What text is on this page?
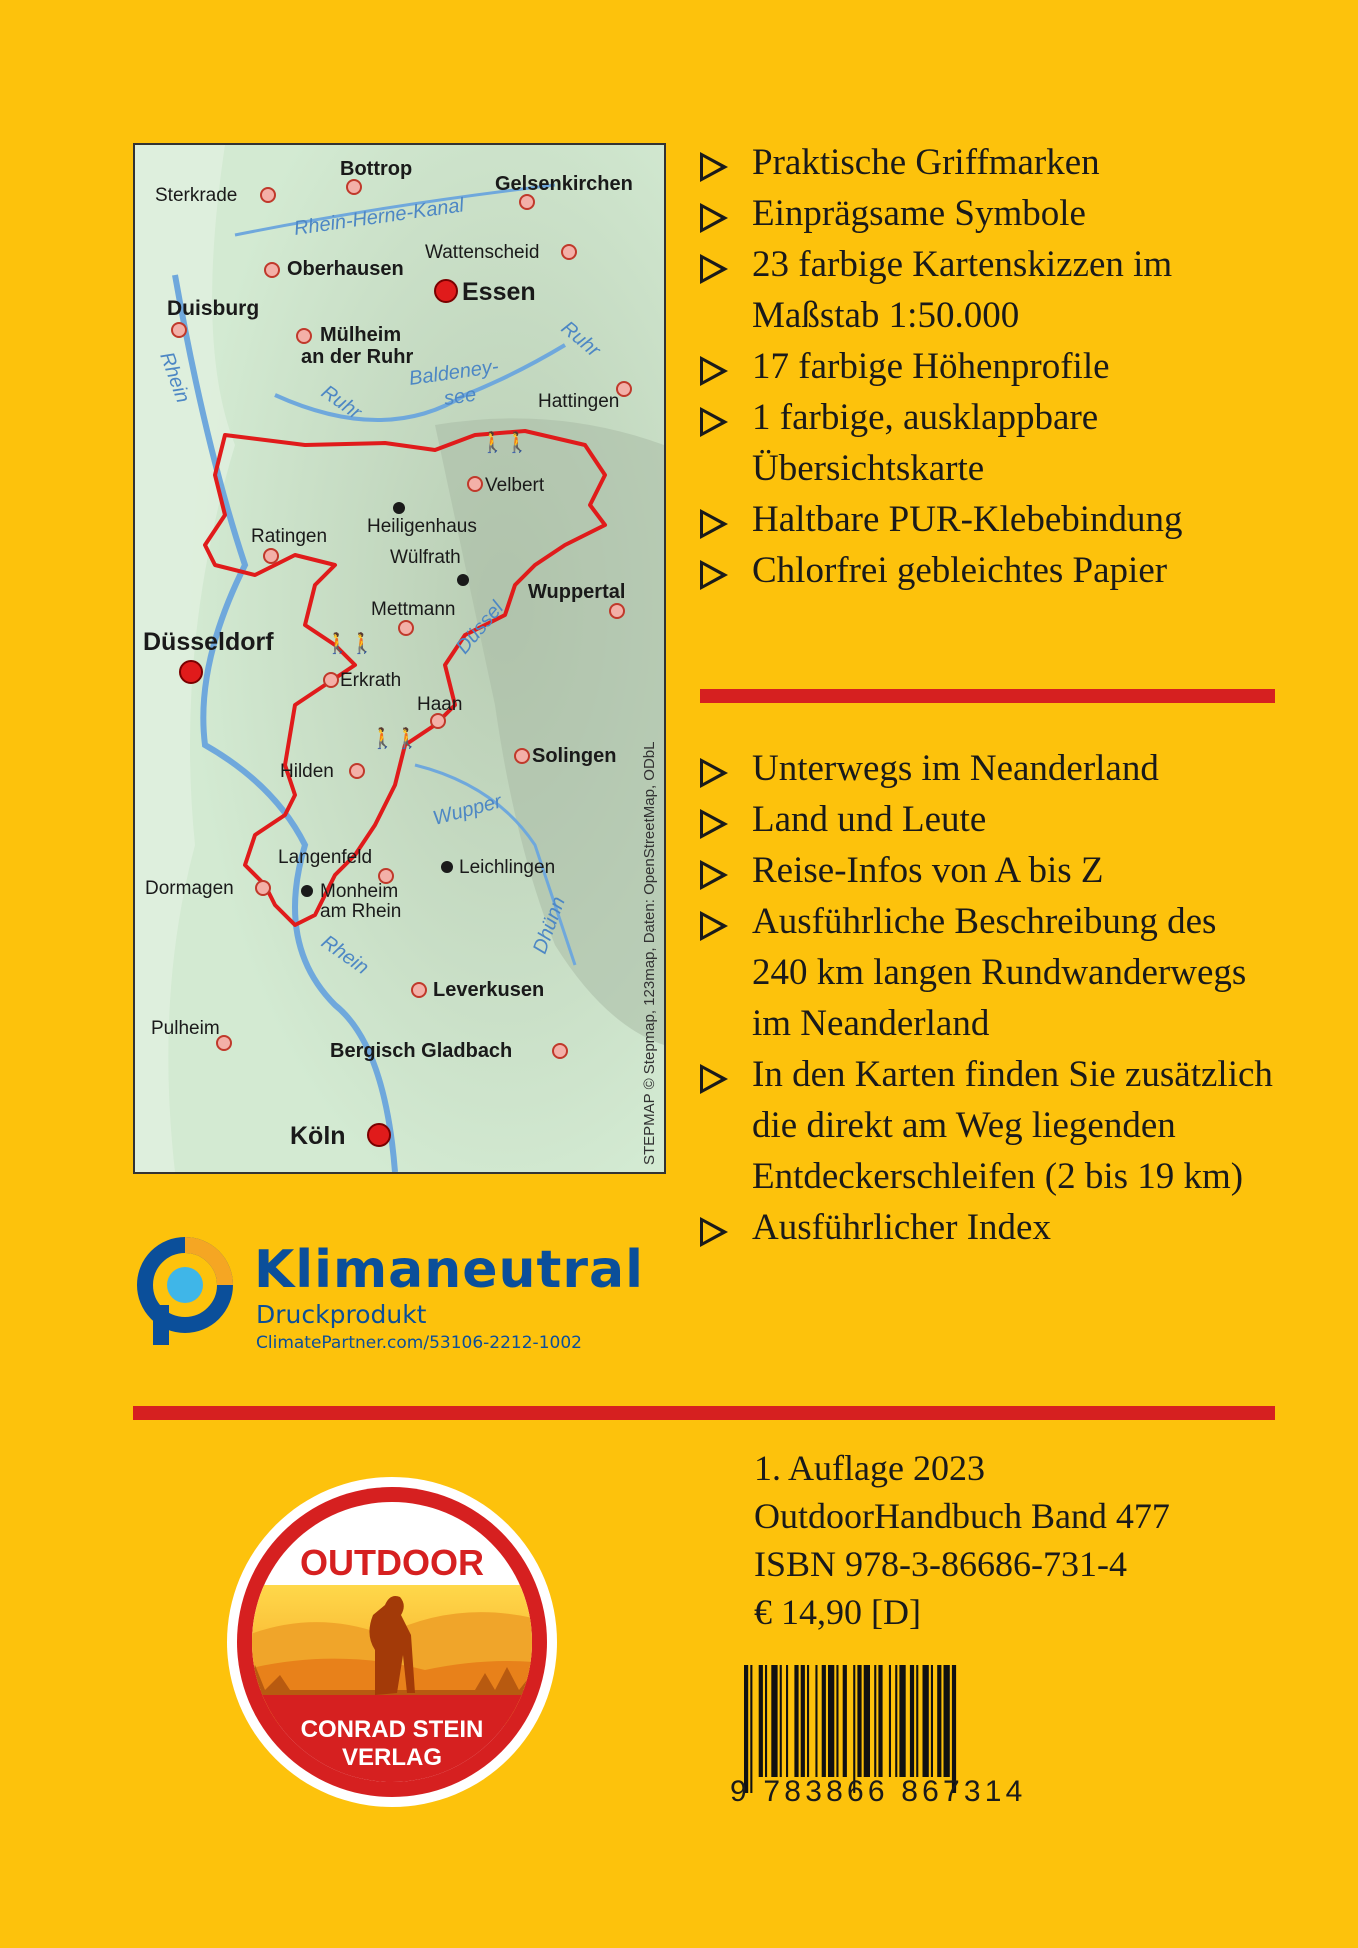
🚶🚶
🚶🚶
🚶🚶
Bottrop
Sterkrade
Gelsenkirchen
Wattenscheid
Oberhausen
Essen
Duisburg
Mülheim
an der Ruhr
Hattingen
Velbert
Ratingen Heiligenhaus
Wülfrath
Wuppertal
Mettmann
Düsseldorf
Erkrath
Haan
Hilden
Solingen
Langenfeld	Leichlingen
Dormagen	Monheim
am Rhein
Leverkusen
Pulheim
Bergisch Gladbach
Köln
Rhein-Herne-Kanal
Rhein	Ruhr
Ruhr
Baldeney-
see
Düssel
Wupper
Rhein	Dhünn	STEPMAP © Stepmap, 123map, Daten: OpenStreetMap, ODbL
Praktische Griffmarken
Einprägsame Symbole
23 farbige Kartenskizzen im Maßstab 1:50.000
17 farbige Höhenprofile
1 farbige, ausklappbare Übersichtskarte
Haltbare PUR-Klebebindung
Chlorfrei gebleichtes Papier
Unterwegs im Neanderland
Land und Leute
Reise-Infos von A bis Z
Ausführliche Beschreibung des 240 km langen Rundwanderwegs im Neanderland
In den Karten finden Sie zusätzlich die direkt am Weg liegenden Entdeckerschleifen (2 bis 19 km)
Ausführlicher Index
Klimaneutral
Druckprodukt
ClimatePartner.com/53106-2212-1002
OUTDOOR
CONRAD STEIN
VERLAG
1. Auflage 2023
OutdoorHandbuch Band 477
ISBN 978-3-86686-731-4
€ 14,90 [D]
9 783866 867314
